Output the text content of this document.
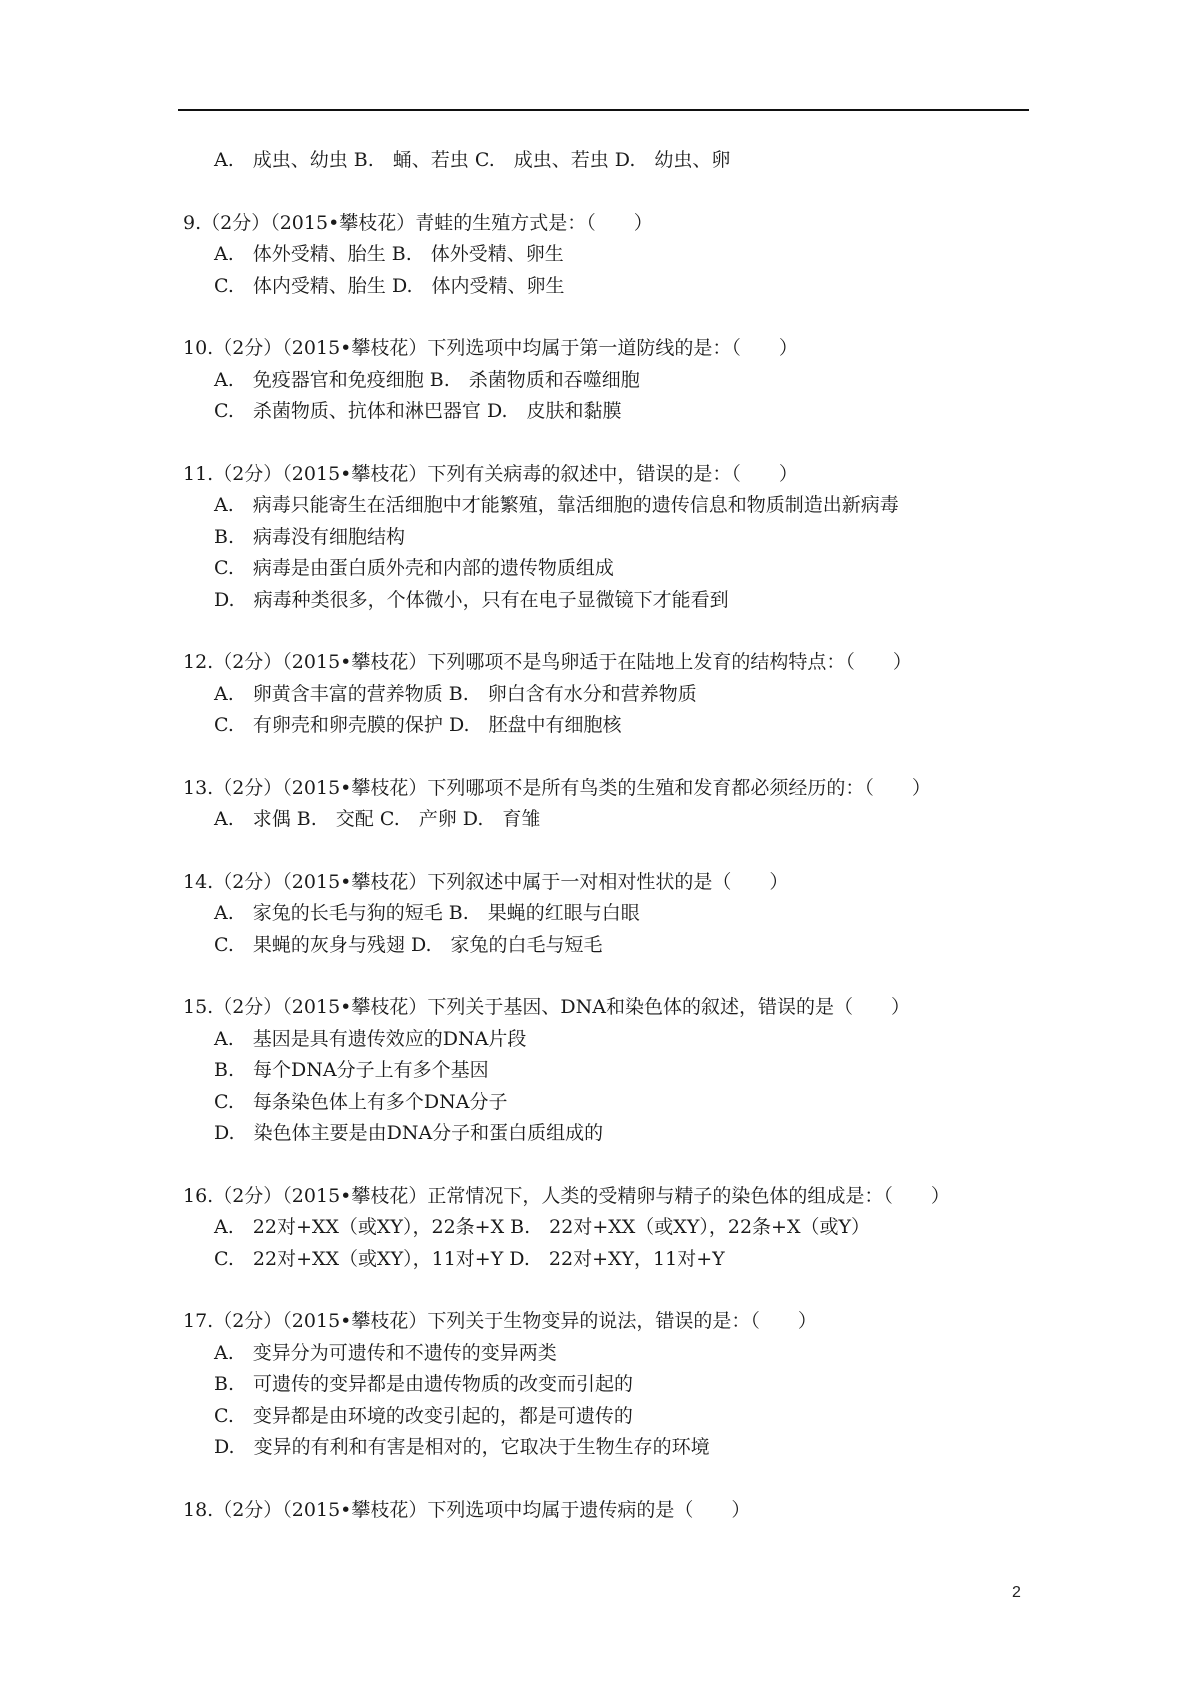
A.　成虫、幼虫 B.　蛹、若虫 C.　成虫、若虫 D.　幼虫、卵
9.（2分）（2015•攀枝花）青蛙的生殖方式是：（　　）
A.　体外受精、胎生 B.　体外受精、卵生
C.　体内受精、胎生 D.　体内受精、卵生
10.（2分）（2015•攀枝花）下列选项中均属于第一道防线的是：（　　）
A.　免疫器官和免疫细胞 B.　杀菌物质和吞噬细胞
C.　杀菌物质、抗体和淋巴器官 D.　皮肤和黏膜
11.（2分）（2015•攀枝花）下列有关病毒的叙述中，错误的是：（　　）
A.　病毒只能寄生在活细胞中才能繁殖，靠活细胞的遗传信息和物质制造出新病毒
B.　病毒没有细胞结构
C.　病毒是由蛋白质外壳和内部的遗传物质组成
D.　病毒种类很多，个体微小，只有在电子显微镜下才能看到
12.（2分）（2015•攀枝花）下列哪项不是鸟卵适于在陆地上发育的结构特点：（　　）
A.　卵黄含丰富的营养物质 B.　卵白含有水分和营养物质
C.　有卵壳和卵壳膜的保护 D.　胚盘中有细胞核
13.（2分）（2015•攀枝花）下列哪项不是所有鸟类的生殖和发育都必须经历的：（　　）
A.　求偶 B.　交配 C.　产卵 D.　育雏
14.（2分）（2015•攀枝花）下列叙述中属于一对相对性状的是（　　）
A.　家兔的长毛与狗的短毛 B.　果蝇的红眼与白眼
C.　果蝇的灰身与残翅 D.　家兔的白毛与短毛
15.（2分）（2015•攀枝花）下列关于基因、DNA和染色体的叙述，错误的是（　　）
A.　基因是具有遗传效应的DNA片段
B.　每个DNA分子上有多个基因
C.　每条染色体上有多个DNA分子
D.　染色体主要是由DNA分子和蛋白质组成的
16.（2分）（2015•攀枝花）正常情况下，人类的受精卵与精子的染色体的组成是：（　　）
A.　22对+XX（或XY），22条+X B.　22对+XX（或XY），22条+X（或Y）
C.　22对+XX（或XY），11对+Y D.　22对+XY，11对+Y
17.（2分）（2015•攀枝花）下列关于生物变异的说法，错误的是：（　　）
A.　变异分为可遗传和不遗传的变异两类
B.　可遗传的变异都是由遗传物质的改变而引起的
C.　变异都是由环境的改变引起的，都是可遗传的
D.　变异的有利和有害是相对的，它取决于生物生存的环境
18.（2分）（2015•攀枝花）下列选项中均属于遗传病的是（　　）
2
